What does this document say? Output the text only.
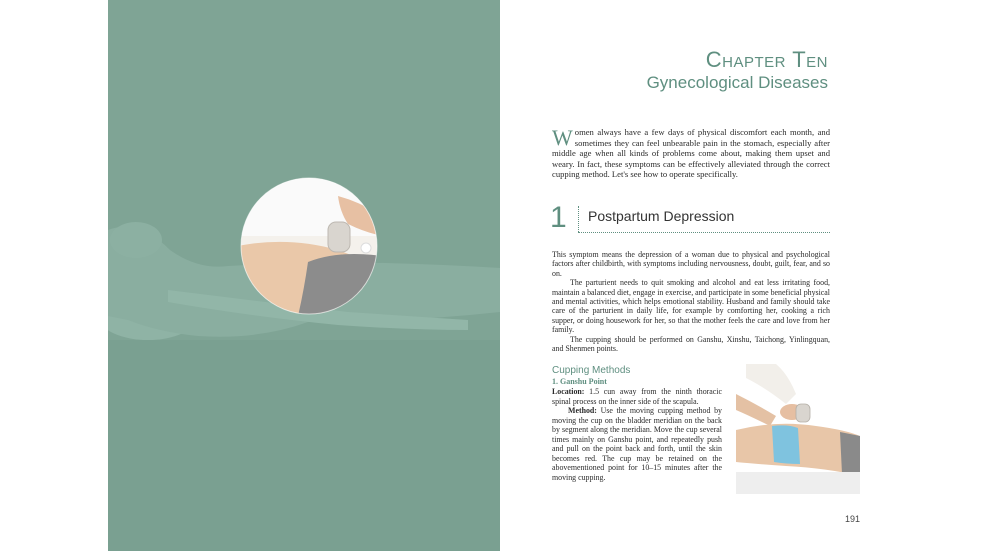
Chapter Ten
Gynecological Diseases
Women always have a few days of physical discomfort each month, and sometimes they can feel unbearable pain in the stomach, especially after middle age when all kinds of problems come about, making them upset and weary. In fact, these symptoms can be effectively alleviated through the correct cupping method. Let's see how to operate specifically.
1 Postpartum Depression

This symptom means the depression of a woman due to physical and psychological factors after childbirth, with symptoms including nervousness, doubt, guilt, fear, and so on.

The parturient needs to quit smoking and alcohol and eat less irritating food, maintain a balanced diet, engage in exercise, and participate in some beneficial physical and mental activities, which helps emotional stability. Husband and family should take care of the parturient in daily life, for example by comforting her, cooking a rich supper, or doing housework for her, so that the mother feels the care and love from her family.

The cupping should be performed on Ganshu, Xinshu, Taichong, Yinlingquan, and Shenmen points.

Cupping Methods
1. Ganshu Point
Location: 1.5 cun away from the ninth thoracic spinal process on the inner side of the scapula.
Method: Use the moving cupping method by moving the cup on the bladder meridian on the back by segment along the meridian. Move the cup several times mainly on Ganshu point, and repeatedly push and pull on the point back and forth, until the skin becomes red. The cup may be retained on the abovementioned point for 10–15 minutes after the moving cupping.
191
